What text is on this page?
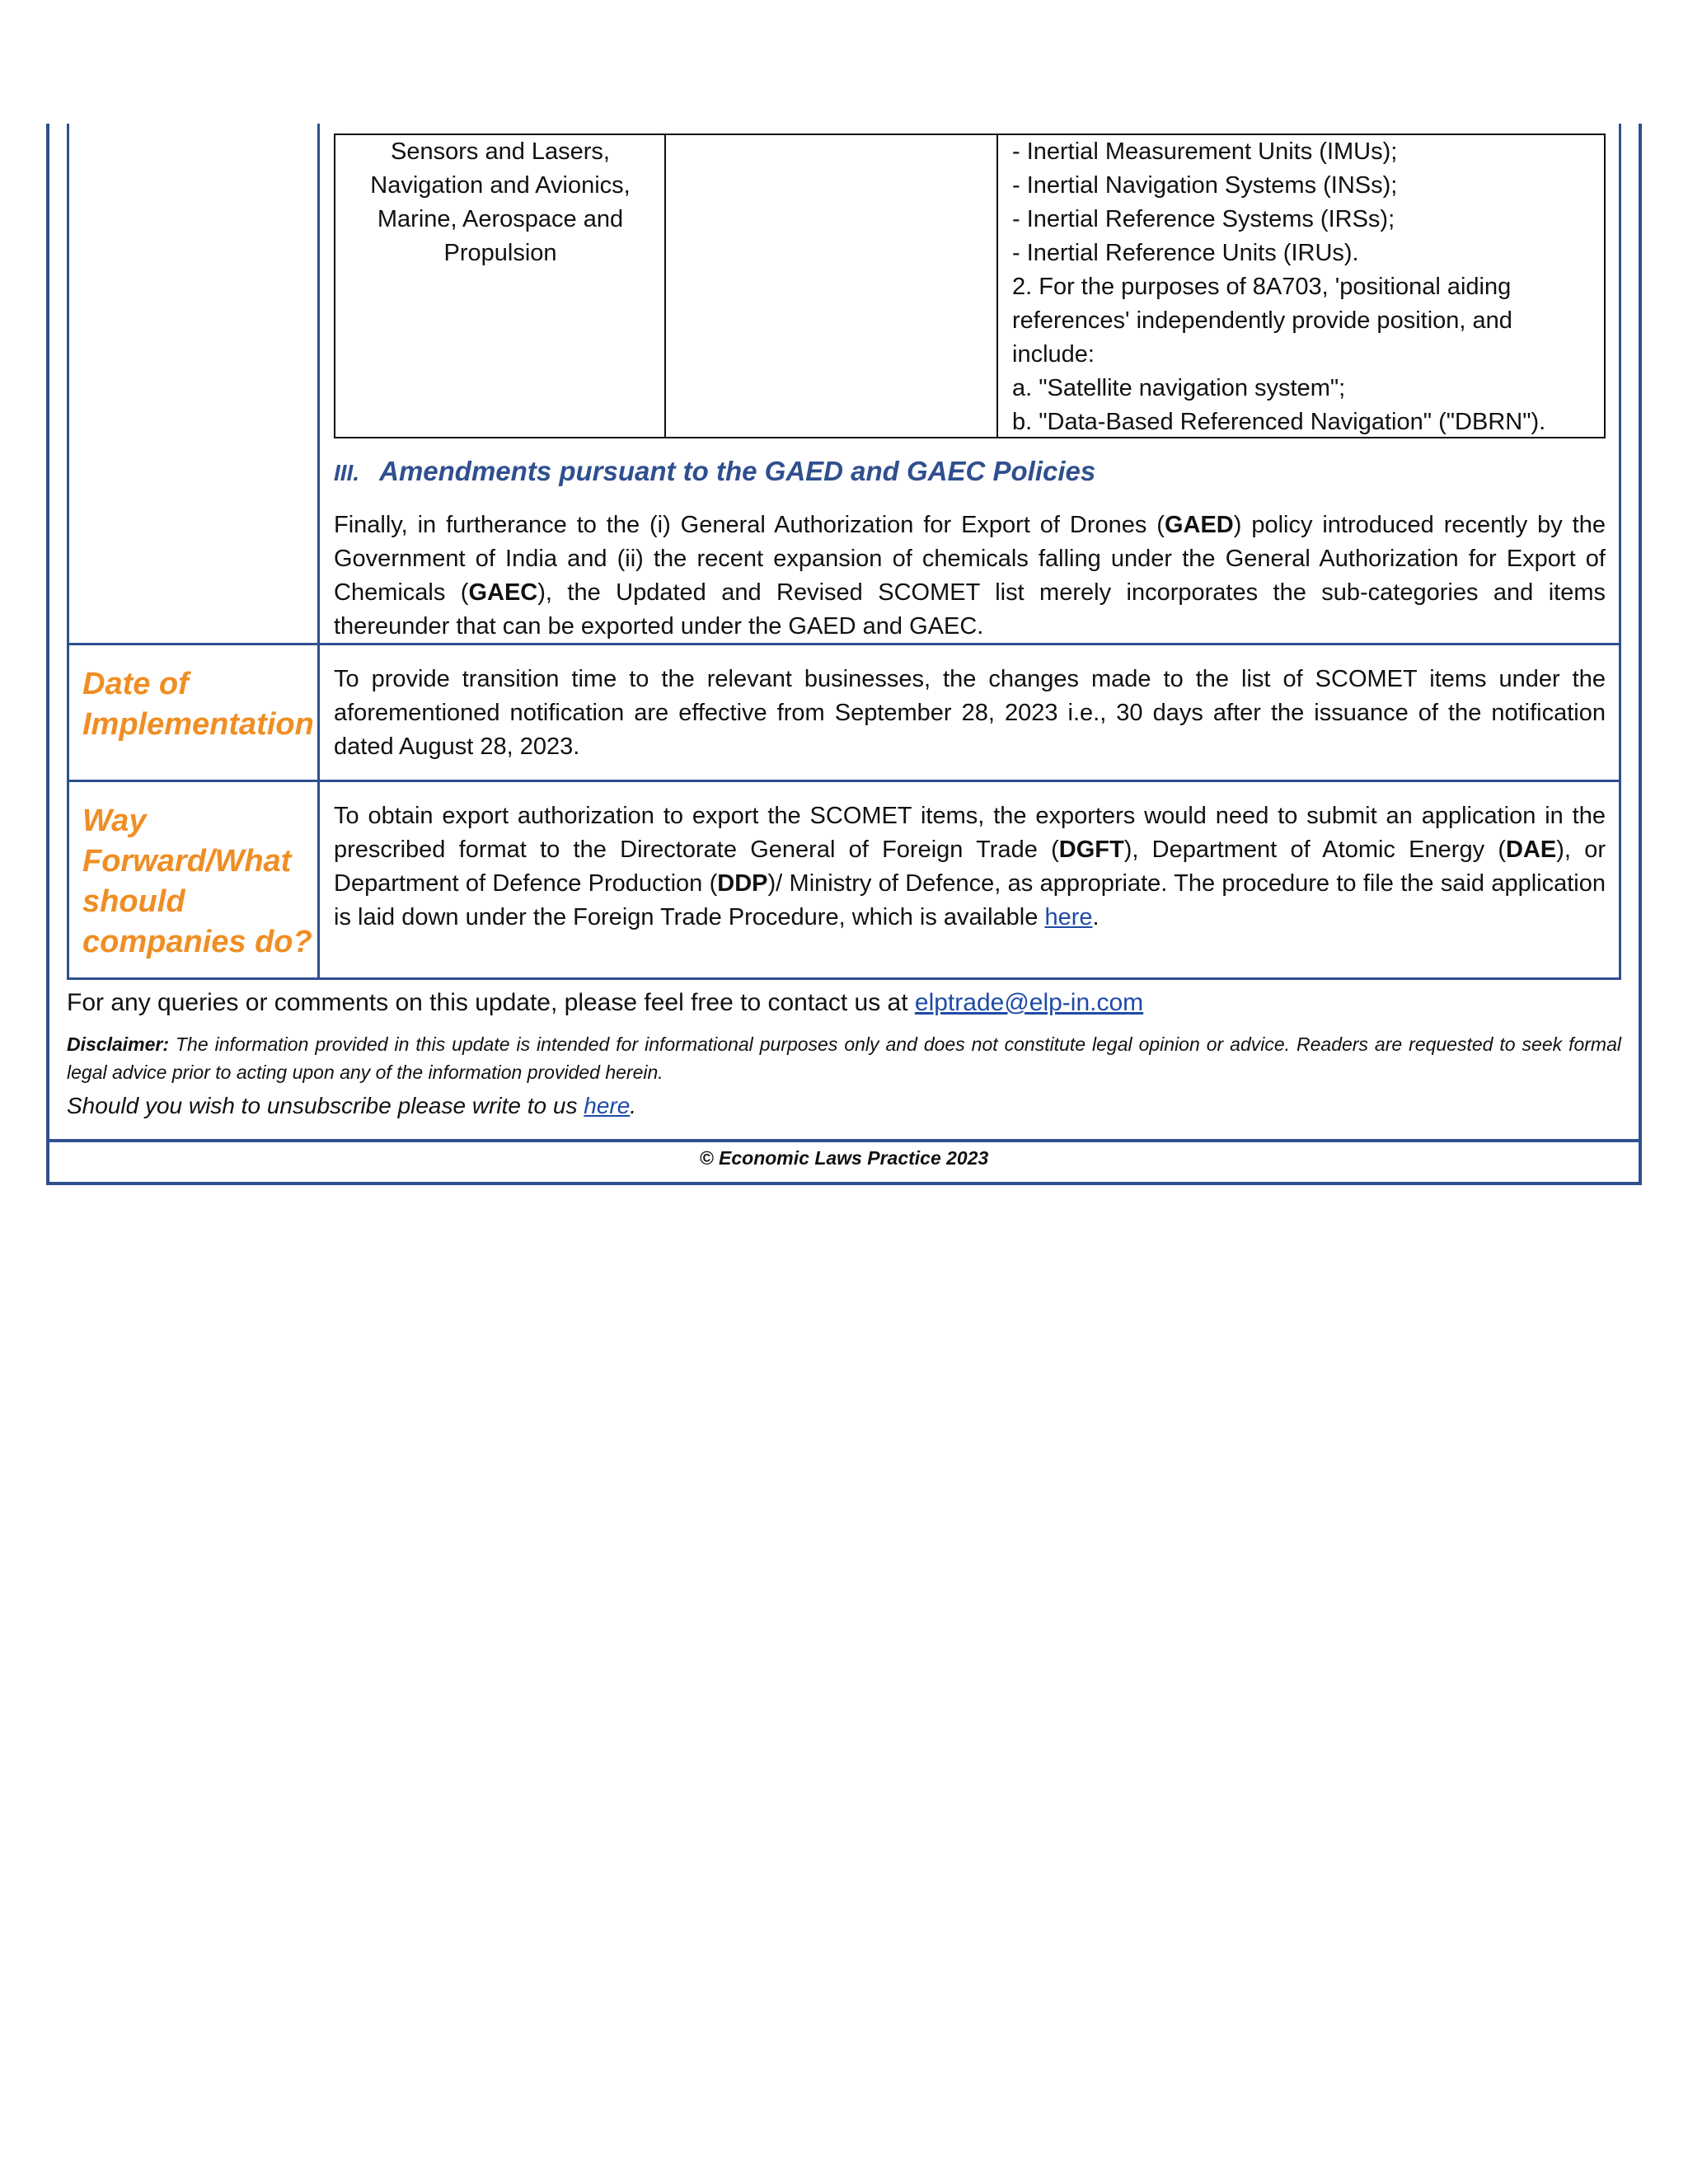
Sensors and Lasers, Navigation and Avionics, Marine, Aerospace and Propulsion
- Inertial Measurement Units (IMUs);
- Inertial Navigation Systems (INSs);
- Inertial Reference Systems (IRSs);
- Inertial Reference Units (IRUs).
2. For the purposes of 8A703, 'positional aiding references' independently provide position, and include:
a. "Satellite navigation system";
b. "Data-Based Referenced Navigation" ("DBRN").
III. Amendments pursuant to the GAED and GAEC Policies
Finally, in furtherance to the (i) General Authorization for Export of Drones (GAED) policy introduced recently by the Government of India and (ii) the recent expansion of chemicals falling under the General Authorization for Export of Chemicals (GAEC), the Updated and Revised SCOMET list merely incorporates the sub-categories and items thereunder that can be exported under the GAED and GAEC.
Date of Implementation
To provide transition time to the relevant businesses, the changes made to the list of SCOMET items under the aforementioned notification are effective from September 28, 2023 i.e., 30 days after the issuance of the notification dated August 28, 2023.
Way Forward/What should companies do?
To obtain export authorization to export the SCOMET items, the exporters would need to submit an application in the prescribed format to the Directorate General of Foreign Trade (DGFT), Department of Atomic Energy (DAE), or Department of Defence Production (DDP)/ Ministry of Defence, as appropriate. The procedure to file the said application is laid down under the Foreign Trade Procedure, which is available here.
For any queries or comments on this update, please feel free to contact us at elptrade@elp-in.com
Disclaimer: The information provided in this update is intended for informational purposes only and does not constitute legal opinion or advice. Readers are requested to seek formal legal advice prior to acting upon any of the information provided herein.
Should you wish to unsubscribe please write to us here.
© Economic Laws Practice 2023
